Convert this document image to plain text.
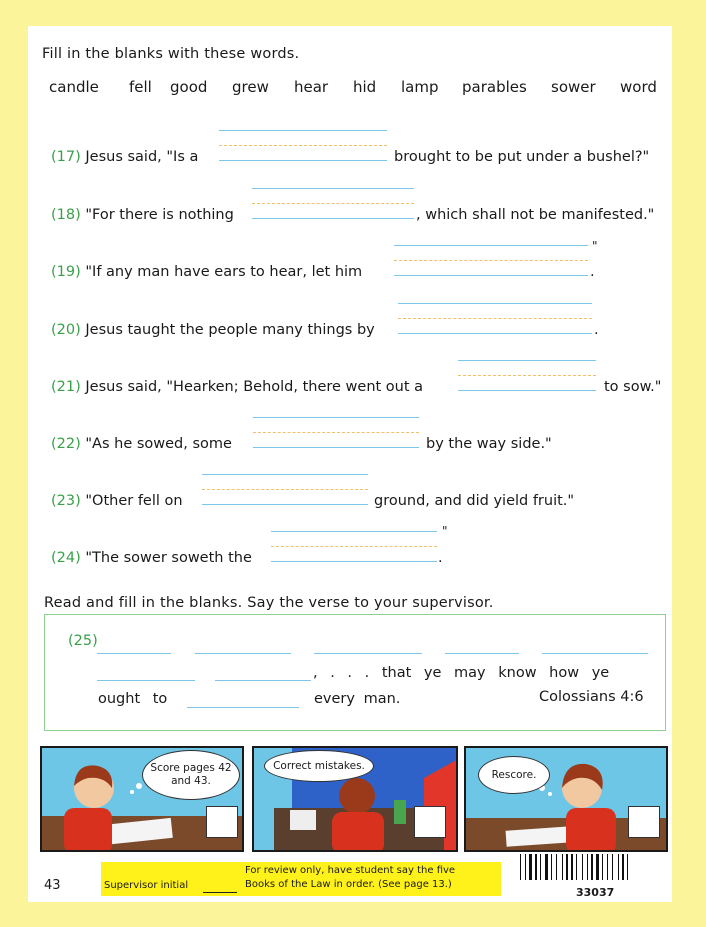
Fill in the blanks with these words.
candle fell good grew hear hid lamp parables sower word
(17) Jesus said, "Is a	brought to be put under a bushel?"
(18) "For there is nothing	, which shall not be manifested."
(19) "If any man have ears to hear, let him
"
.
(20) Jesus taught the people many things by	.
(21) Jesus said, "Hearken; Behold, there went out a	to sow."
(22) "As he sowed, some	by the way side."
(23) "Other fell on	ground, and did yield fruit."
(24) "The sower soweth the
"
.
Read and fill in the blanks. Say the verse to your supervisor.
(25)
, . . . that ye may know how ye
ought to	every man.	Colossians 4:6
Score pages 42 and 43.
Correct mistakes.
Rescore.
43	Supervisor initial
For review only, have student say the five
Books of the Law in order. (See page 13.)
33037
